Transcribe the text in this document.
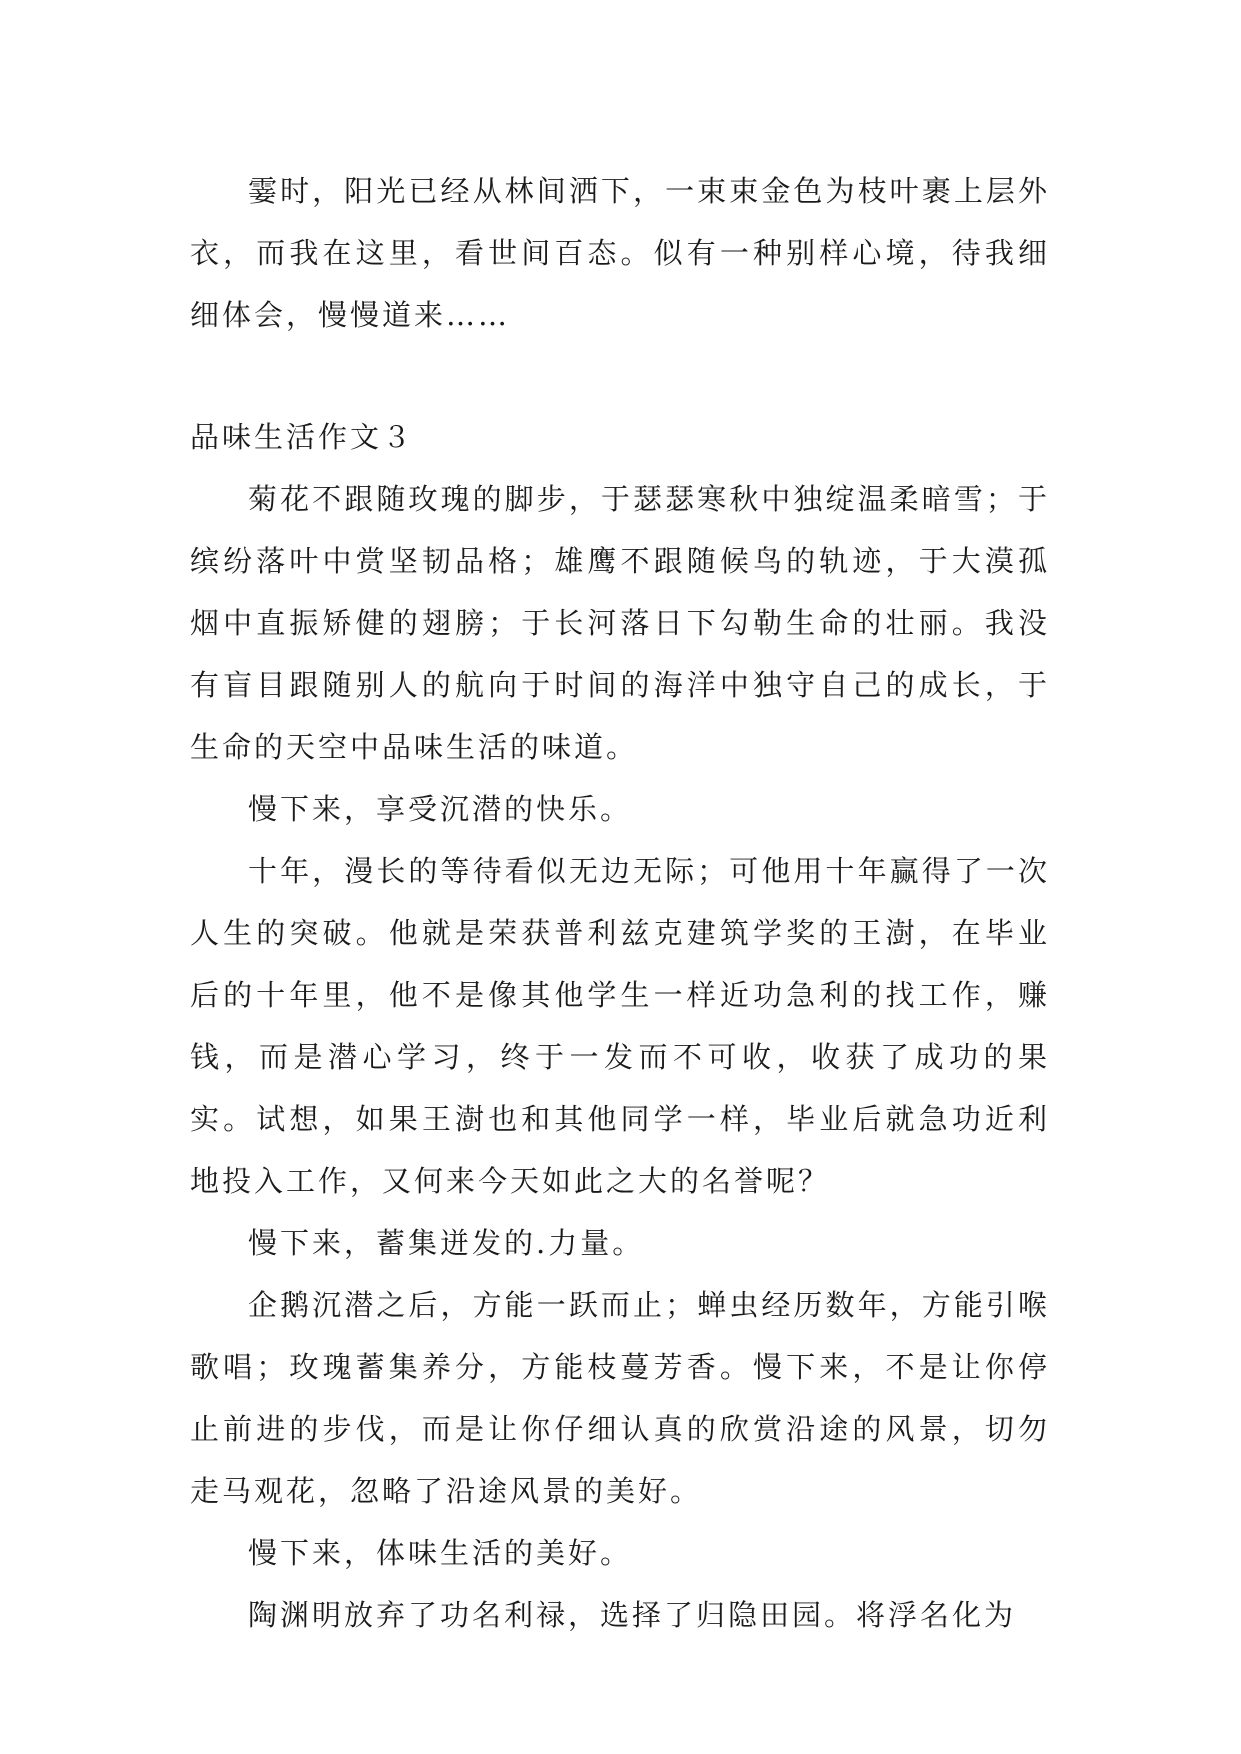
霎时，阳光已经从林间洒下，一束束金色为枝叶裹上层外衣，而我在这里，看世间百态。似有一种别样心境，待我细细体会，慢慢道来……

品味生活作文３

菊花不跟随玫瑰的脚步，于瑟瑟寒秋中独绽温柔暗雪；于缤纷落叶中赏坚韧品格；雄鹰不跟随候鸟的轨迹，于大漠孤烟中直振矫健的翅膀；于长河落日下勾勒生命的壮丽。我没有盲目跟随别人的航向于时间的海洋中独守自己的成长，于生命的天空中品味生活的味道。

慢下来，享受沉潜的快乐。

十年，漫长的等待看似无边无际；可他用十年赢得了一次人生的突破。他就是荣获普利兹克建筑学奖的王澍，在毕业后的十年里，他不是像其他学生一样近功急利的找工作，赚钱，而是潜心学习，终于一发而不可收，收获了成功的果实。试想，如果王澍也和其他同学一样，毕业后就急功近利地投入工作，又何来今天如此之大的名誉呢？

慢下来，蓄集迸发的.力量。

企鹅沉潜之后，方能一跃而止；蝉虫经历数年，方能引喉歌唱；玫瑰蓄集养分，方能枝蔓芳香。慢下来，不是让你停止前进的步伐，而是让你仔细认真的欣赏沿途的风景，切勿走马观花，忽略了沿途风景的美好。

慢下来，体味生活的美好。

陶渊明放弃了功名利禄，选择了归隐田园。将浮名化为
